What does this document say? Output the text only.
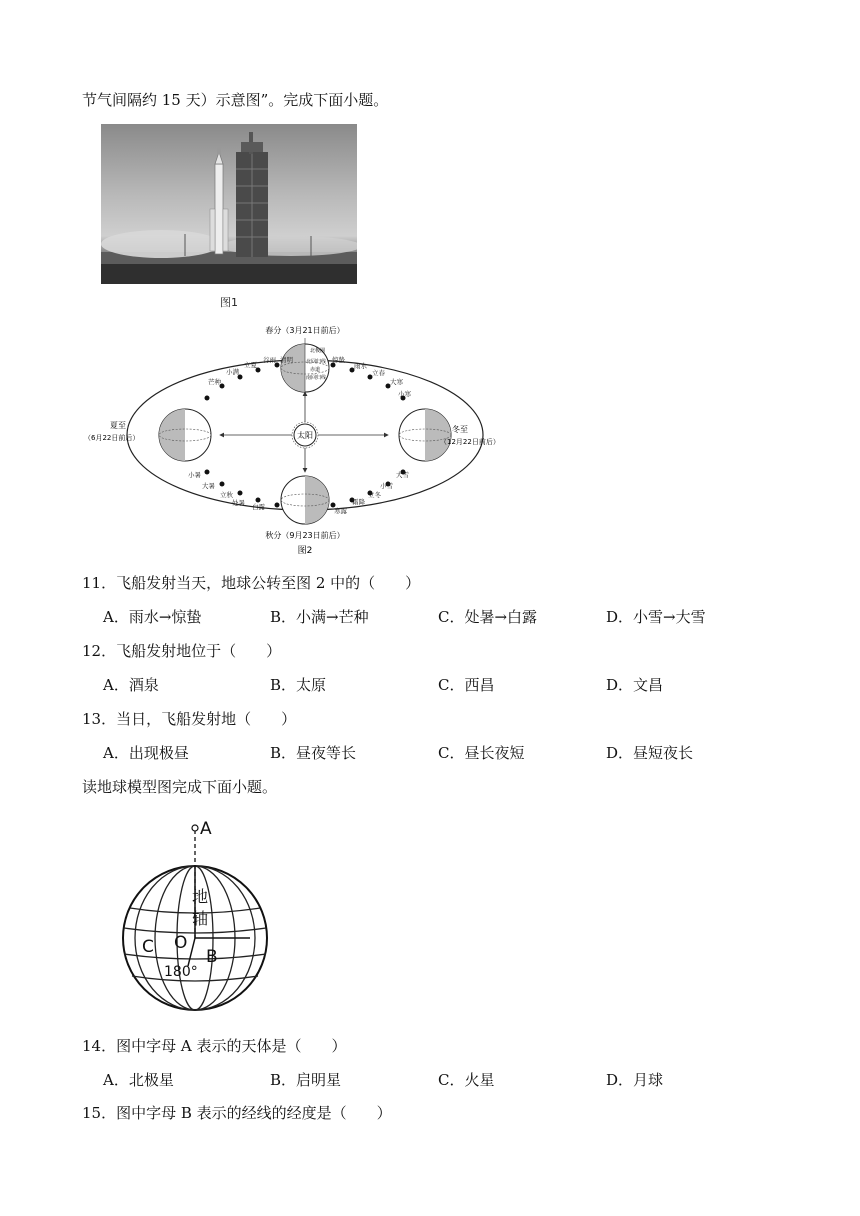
节气间隔约 15 天）示意图”。完成下面小题。
图1
太阳
北极圈
北回归线
赤道
南回归线
芒种
小满
立夏
谷雨 清明	惊蛰
雨水
立春
大寒
小寒
小暑
大暑
立秋
处暑 白露	寒露
霜降
立冬
小雪
大雪
春分（3月21日前后）
夏至
（6月22日前后）
冬至
（12月22日前后）
秋分（9月23日前后）
图2
11．飞船发射当天，地球公转至图 2 中的（　　）
A．雨水→惊蛰	B．小满→芒种	C．处暑→白露	D．小雪→大雪
12．飞船发射地位于（　　）
A．酒泉	B．太原	C．西昌	D．文昌
13．当日，飞船发射地（　　）
A．出现极昼	B．昼夜等长	C．昼长夜短	D．昼短夜长
读地球模型图完成下面小题。
A
地
轴
C O
B
180°
14．图中字母 A 表示的天体是（　　）
A．北极星	B．启明星	C．火星	D．月球
15．图中字母 B 表示的经线的经度是（　　）
